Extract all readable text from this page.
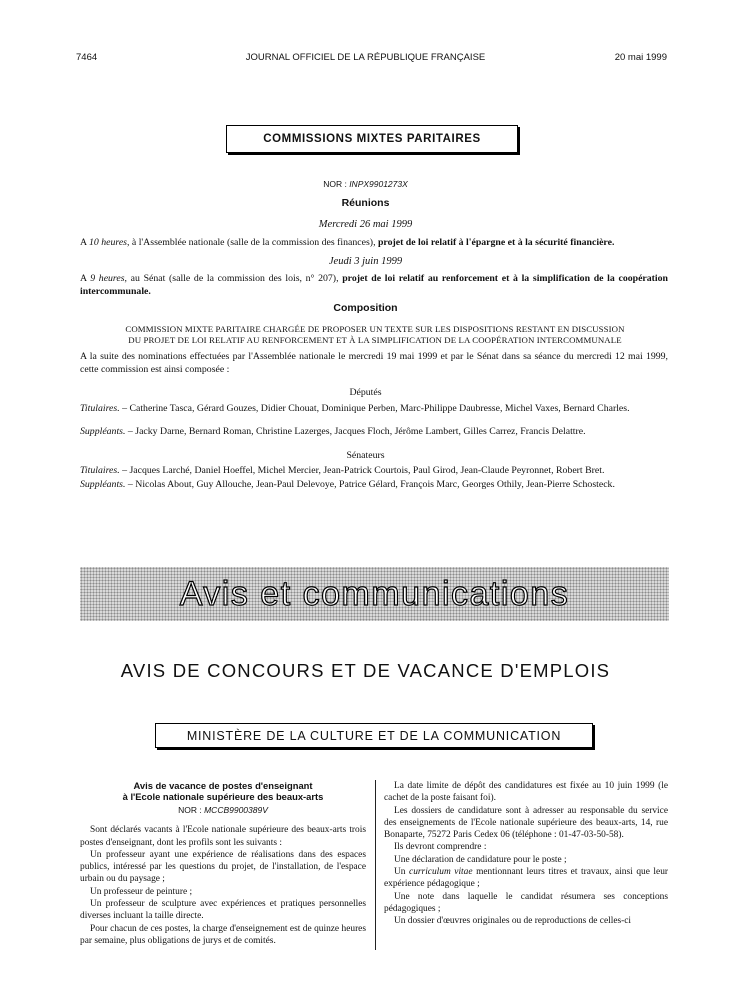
7464	JOURNAL OFFICIEL DE LA RÉPUBLIQUE FRANÇAISE	20 mai 1999
COMMISSIONS MIXTES PARITAIRES
NOR : INPX9901273X
Réunions
Mercredi 26 mai 1999
A 10 heures, à l'Assemblée nationale (salle de la commission des finances), projet de loi relatif à l'épargne et à la sécurité financière.
Jeudi 3 juin 1999
A 9 heures, au Sénat (salle de la commission des lois, n° 207), projet de loi relatif au renforcement et à la simplification de la coopération intercommunale.
Composition
COMMISSION MIXTE PARITAIRE CHARGÉE DE PROPOSER UN TEXTE SUR LES DISPOSITIONS RESTANT EN DISCUSSION
DU PROJET DE LOI RELATIF AU RENFORCEMENT ET À LA SIMPLIFICATION DE LA COOPÉRATION INTERCOMMUNALE
A la suite des nominations effectuées par l'Assemblée nationale le mercredi 19 mai 1999 et par le Sénat dans sa séance du mercredi 12 mai 1999, cette commission est ainsi composée :
Députés
Titulaires. – Catherine Tasca, Gérard Gouzes, Didier Chouat, Dominique Perben, Marc-Philippe Daubresse, Michel Vaxes, Bernard Charles.
Suppléants. – Jacky Darne, Bernard Roman, Christine Lazerges, Jacques Floch, Jérôme Lambert, Gilles Carrez, Francis Delattre.
Sénateurs
Titulaires. – Jacques Larché, Daniel Hoeffel, Michel Mercier, Jean-Patrick Courtois, Paul Girod, Jean-Claude Peyronnet, Robert Bret.
Suppléants. – Nicolas About, Guy Allouche, Jean-Paul Delevoye, Patrice Gélard, François Marc, Georges Othily, Jean-Pierre Schosteck.
Avis et communications
AVIS DE CONCOURS ET DE VACANCE D'EMPLOIS
MINISTÈRE DE LA CULTURE ET DE LA COMMUNICATION

Avis de vacance de postes d'enseignant

à l'Ecole nationale supérieure des beaux-arts

NOR : MCCB9900389V

Sont déclarés vacants à l'Ecole nationale supérieure des beaux-arts trois postes d'enseignant, dont les profils sont les suivants :

Un professeur ayant une expérience de réalisations dans des espaces publics, intéressé par les questions du projet, de l'installation, de l'espace urbain ou du paysage ;

Un professeur de peinture ;

Un professeur de sculpture avec expériences et pratiques personnelles diverses incluant la taille directe.

Pour chacun de ces postes, la charge d'enseignement est de quinze heures par semaine, plus obligations de jurys et de comités.

La date limite de dépôt des candidatures est fixée au 10 juin 1999 (le cachet de la poste faisant foi).

Les dossiers de candidature sont à adresser au responsable du service des enseignements de l'Ecole nationale supérieure des beaux-arts, 14, rue Bonaparte, 75272 Paris Cedex 06 (téléphone : 01-47-03-50-58).

Ils devront comprendre :

Une déclaration de candidature pour le poste ;

Un curriculum vitae mentionnant leurs titres et travaux, ainsi que leur expérience pédagogique ;

Une note dans laquelle le candidat résumera ses conceptions pédagogiques ;

Un dossier d'œuvres originales ou de reproductions de celles-ci
